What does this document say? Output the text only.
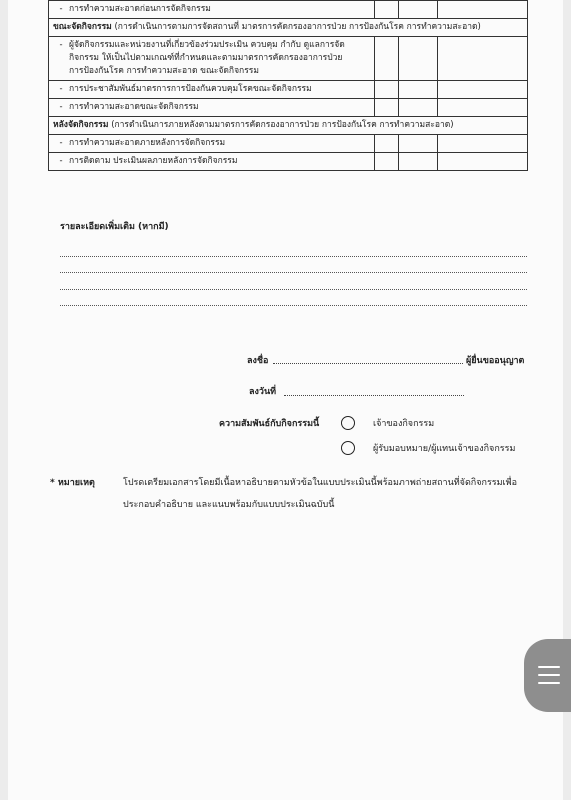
- การทำความสะอาดก่อนการจัดกิจกรรม			

ขณะจัดกิจกรรม (การดำเนินการตามการจัดสถานที่ มาตรการคัดกรองอาการป่วย การป้องกันโรค การทำความสะอาด)			

- ผู้จัดกิจกรรมและหน่วยงานที่เกี่ยวข้องร่วมประเมิน ควบคุม กำกับ ดูแลการจัด
กิจกรรม ให้เป็นไปตามเกณฑ์ที่กำหนดและตามมาตรการคัดกรองอาการป่วย
การป้องกันโรค การทำความสะอาด ขณะจัดกิจกรรม			

- การประชาสัมพันธ์มาตรการการป้องกันควบคุมโรคขณะจัดกิจกรรม			

- การทำความสะอาดขณะจัดกิจกรรม			

หลังจัดกิจกรรม (การดำเนินการภายหลังตามมาตรการคัดกรองอาการป่วย การป้องกันโรค การทำความสะอาด)			

- การทำความสะอาดภายหลังการจัดกิจกรรม			

- การติดตาม ประเมินผลภายหลังการจัดกิจกรรม			

รายละเอียดเพิ่มเติม (หากมี)
ลงชื่อ	ผู้ยื่นขออนุญาต
ลงวันที่
ความสัมพันธ์กับกิจกรรมนี้	เจ้าของกิจกรรม
ผู้รับมอบหมาย/ผู้แทนเจ้าของกิจกรรม
* หมายเหตุ	โปรดเตรียมเอกสารโดยมีเนื้อหาอธิบายตามหัวข้อในแบบประเมินนี้พร้อมภาพถ่ายสถานที่จัดกิจกรรมเพื่อ
ประกอบคำอธิบาย และแนบพร้อมกับแบบประเมินฉบับนี้
